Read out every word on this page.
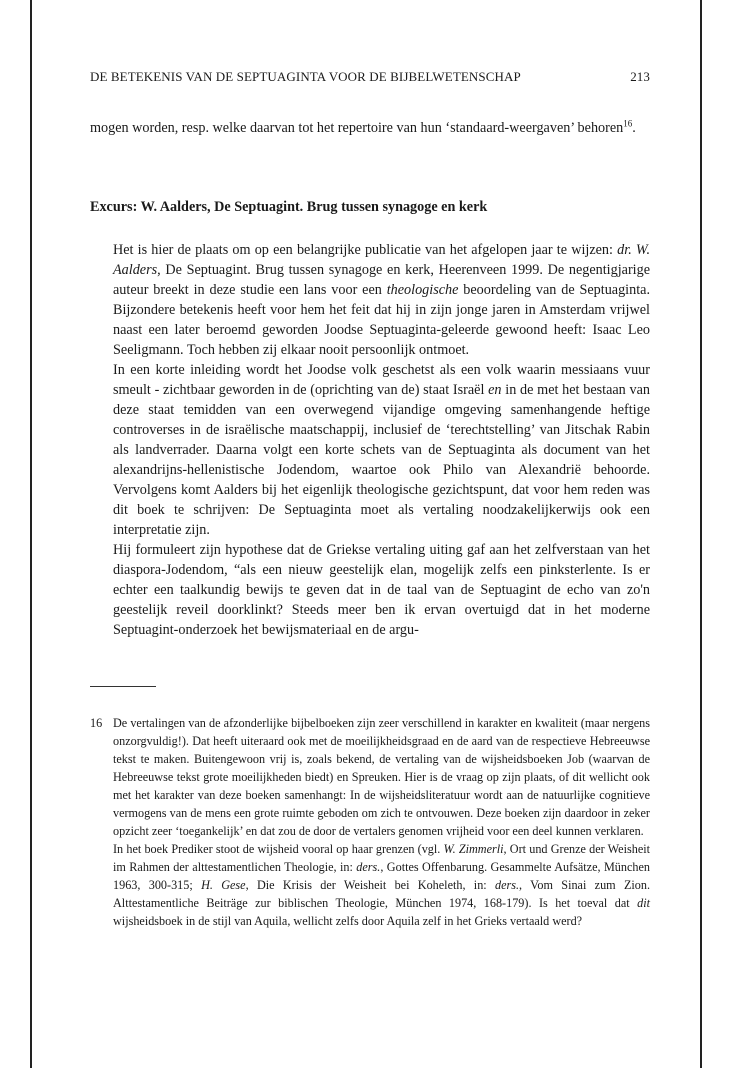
DE BETEKENIS VAN DE SEPTUAGINTA VOOR DE BIJBELWETENSCHAP	213
mogen worden, resp. welke daarvan tot het repertoire van hun ‘standaard-weergaven’ behoren$^{16}$.
Excurs: W. Aalders, De Septuagint. Brug tussen synagoge en kerk

Het is hier de plaats om op een belangrijke publicatie van het afgelopen jaar te wijzen: dr. W. Aalders, De Septuagint. Brug tussen synagoge en kerk, Heerenveen 1999. De negentigjarige auteur breekt in deze studie een lans voor een theologische beoordeling van de Septuaginta. Bijzondere betekenis heeft voor hem het feit dat hij in zijn jonge jaren in Amsterdam vrijwel naast een later beroemd geworden Joodse Septuaginta-geleerde gewoond heeft: Isaac Leo Seeligmann. Toch hebben zij elkaar nooit persoonlijk ontmoet.

In een korte inleiding wordt het Joodse volk geschetst als een volk waarin messiaans vuur smeult - zichtbaar geworden in de (oprichting van de) staat Israël en in de met het bestaan van deze staat temidden van een overwegend vijandige omgeving samenhangende heftige controverses in de israëlische maatschappij, inclusief de ‘terechtstelling’ van Jitschak Rabin als landverrader. Daarna volgt een korte schets van de Septuaginta als document van het alexandrijns-hellenistische Jodendom, waartoe ook Philo van Alexandrië behoorde. Vervolgens komt Aalders bij het eigenlijk theologische gezichtspunt, dat voor hem reden was dit boek te schrijven: De Septuaginta moet als vertaling noodzakelijkerwijs ook een interpretatie zijn.

Hij formuleert zijn hypothese dat de Griekse vertaling uiting gaf aan het zelfverstaan van het diaspora-Jodendom, “als een nieuw geestelijk elan, mogelijk zelfs een pinksterlente. Is er echter een taalkundig bewijs te geven dat in de taal van de Septuagint de echo van zo'n geestelijk reveil doorklinkt? Steeds meer ben ik ervan overtuigd dat in het moderne Septuagint-onderzoek het bewijsmateriaal en de argu-

16 De vertalingen van de afzonderlijke bijbelboeken zijn zeer verschillend in karakter en kwaliteit (maar nergens onzorgvuldig!). Dat heeft uiteraard ook met de moeilijkheidsgraad en de aard van de respectieve Hebreeuwse tekst te maken. Buitengewoon vrij is, zoals bekend, de vertaling van de wijsheidsboeken Job (waarvan de Hebreeuwse tekst grote moeilijkheden biedt) en Spreuken. Hier is de vraag op zijn plaats, of dit wellicht ook met het karakter van deze boeken samenhangt: In de wijsheidsliteratuur wordt aan de natuurlijke cognitieve vermogens van de mens een grote ruimte geboden om zich te ontvouwen. Deze boeken zijn daardoor in zeker opzicht zeer ‘toegankelijk’ en dat zou de door de vertalers genomen vrijheid voor een deel kunnen verklaren.

In het boek Prediker stoot de wijsheid vooral op haar grenzen (vgl. W. Zimmerli, Ort und Grenze der Weisheit im Rahmen der alttestamentlichen Theologie, in: ders., Gottes Offenbarung. Gesammelte Aufsätze, München 1963, 300-315; H. Gese, Die Krisis der Weisheit bei Koheleth, in: ders., Vom Sinai zum Zion. Alttestamentliche Beiträge zur biblischen Theologie, München 1974, 168-179). Is het toeval dat dit wijsheidsboek in de stijl van Aquila, wellicht zelfs door Aquila zelf in het Grieks vertaald werd?
